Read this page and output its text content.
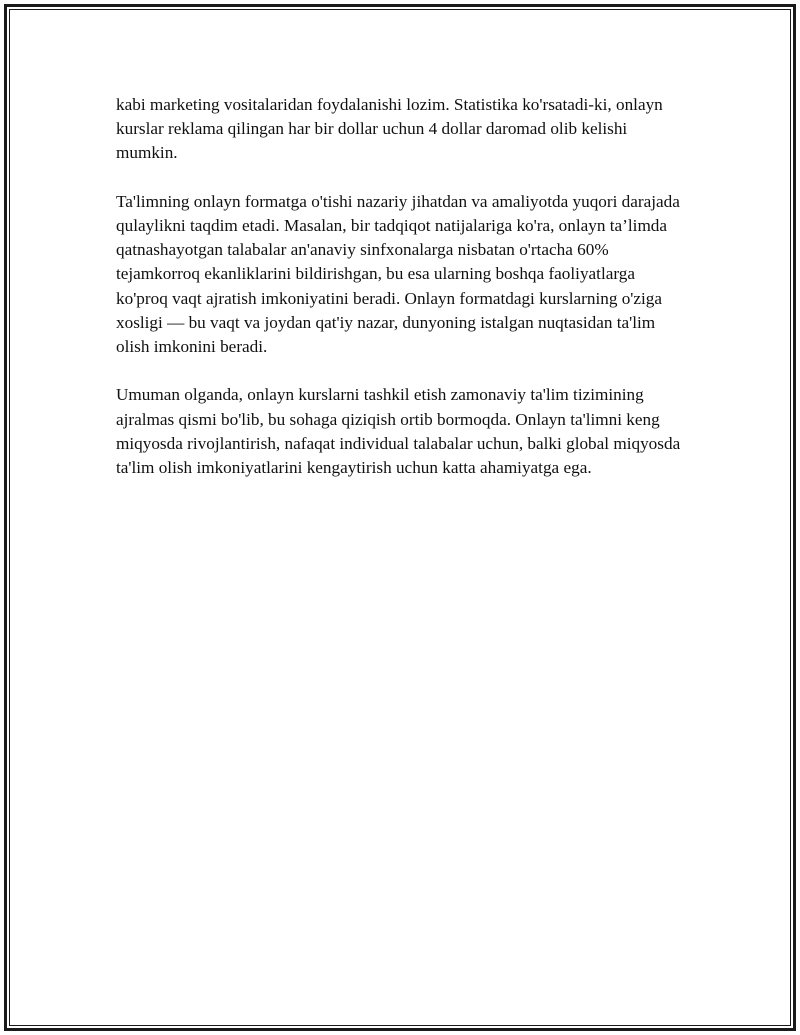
kabi marketing vositalaridan foydalanishi lozim. Statistika ko'rsatadi-ki, onlayn kurslar reklama qilingan har bir dollar uchun 4 dollar daromad olib kelishi mumkin.

Ta'limning onlayn formatga o'tishi nazariy jihatdan va amaliyotda yuqori darajada qulaylikni taqdim etadi. Masalan, bir tadqiqot natijalariga ko'ra, onlayn ta’limda qatnashayotgan talabalar an'anaviy sinfxonalarga nisbatan o'rtacha 60% tejamkorroq ekanliklarini bildirishgan, bu esa ularning boshqa faoliyatlarga ko'proq vaqt ajratish imkoniyatini beradi. Onlayn formatdagi kurslarning o'ziga xosligi — bu vaqt va joydan qat'iy nazar, dunyoning istalgan nuqtasidan ta'lim olish imkonini beradi.

Umuman olganda, onlayn kurslarni tashkil etish zamonaviy ta'lim tizimining ajralmas qismi bo'lib, bu sohaga qiziqish ortib bormoqda. Onlayn ta'limni keng miqyosda rivojlantirish, nafaqat individual talabalar uchun, balki global miqyosda ta'lim olish imkoniyatlarini kengaytirish uchun katta ahamiyatga ega.
